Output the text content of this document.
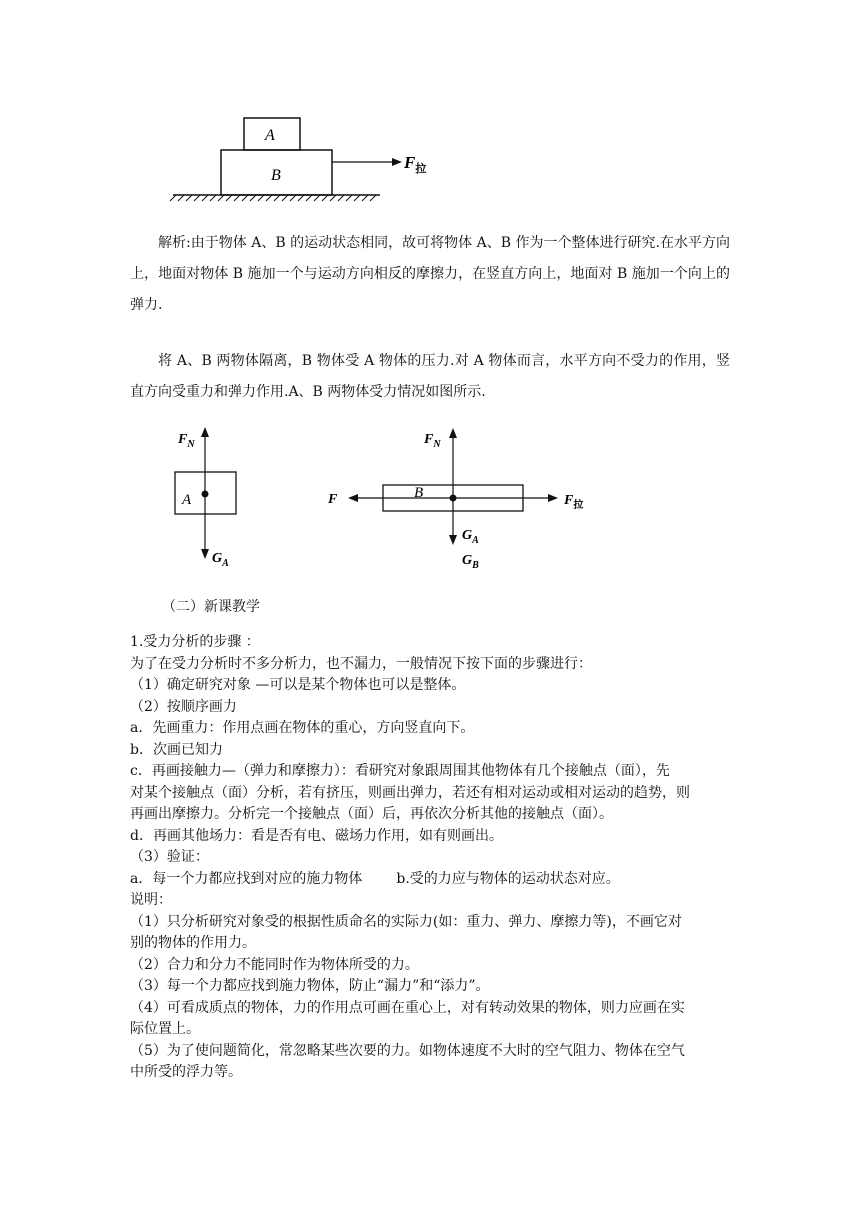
A
B
$F_拉$

解析:由于物体 A、B 的运动状态相同，故可将物体 A、B 作为一个整体进行研究.在水平方向上，地面对物体 B 施加一个与运动方向相反的摩擦力，在竖直方向上，地面对 B 施加一个向上的弹力.

将 A、B 两物体隔离，B 物体受 A 物体的压力.对 A 物体而言，水平方向不受力的作用，竖直方向受重力和弹力作用.A、B 两物体受力情况如图所示.

$F_N$
A
$G_A$
$F_N$
B
F	$F_拉$
$G_A$
$G_B$

（二）新课教学

1.受力分析的步骤 ：

为了在受力分析时不多分析力，也不漏力，一般情况下按下面的步骤进行：

（1）确定研究对象 —可以是某个物体也可以是整体。

（2）按顺序画力

a．先画重力：作用点画在物体的重心，方向竖直向下。

b．次画已知力

c．再画接触力—（弹力和摩擦力）：看研究对象跟周围其他物体有几个接触点（面），先

对某个接触点（面）分析，若有挤压，则画出弹力，若还有相对运动或相对运动的趋势，则

再画出摩擦力。分析完一个接触点（面）后，再依次分析其他的接触点（面）。

d．再画其他场力：看是否有电、磁场力作用，如有则画出。

（3）验证：

a．每一个力都应找到对应的施力物体 b.受的力应与物体的运动状态对应。

说明：

（1）只分析研究对象受的根据性质命名的实际力(如：重力、弹力、摩擦力等)，不画它对

别的物体的作用力。

（2）合力和分力不能同时作为物体所受的力。

（3）每一个力都应找到施力物体，防止“漏力”和“添力”。

（4）可看成质点的物体，力的作用点可画在重心上，对有转动效果的物体，则力应画在实

际位置上。

（5）为了使问题简化，常忽略某些次要的力。如物体速度不大时的空气阻力、物体在空气

中所受的浮力等。
